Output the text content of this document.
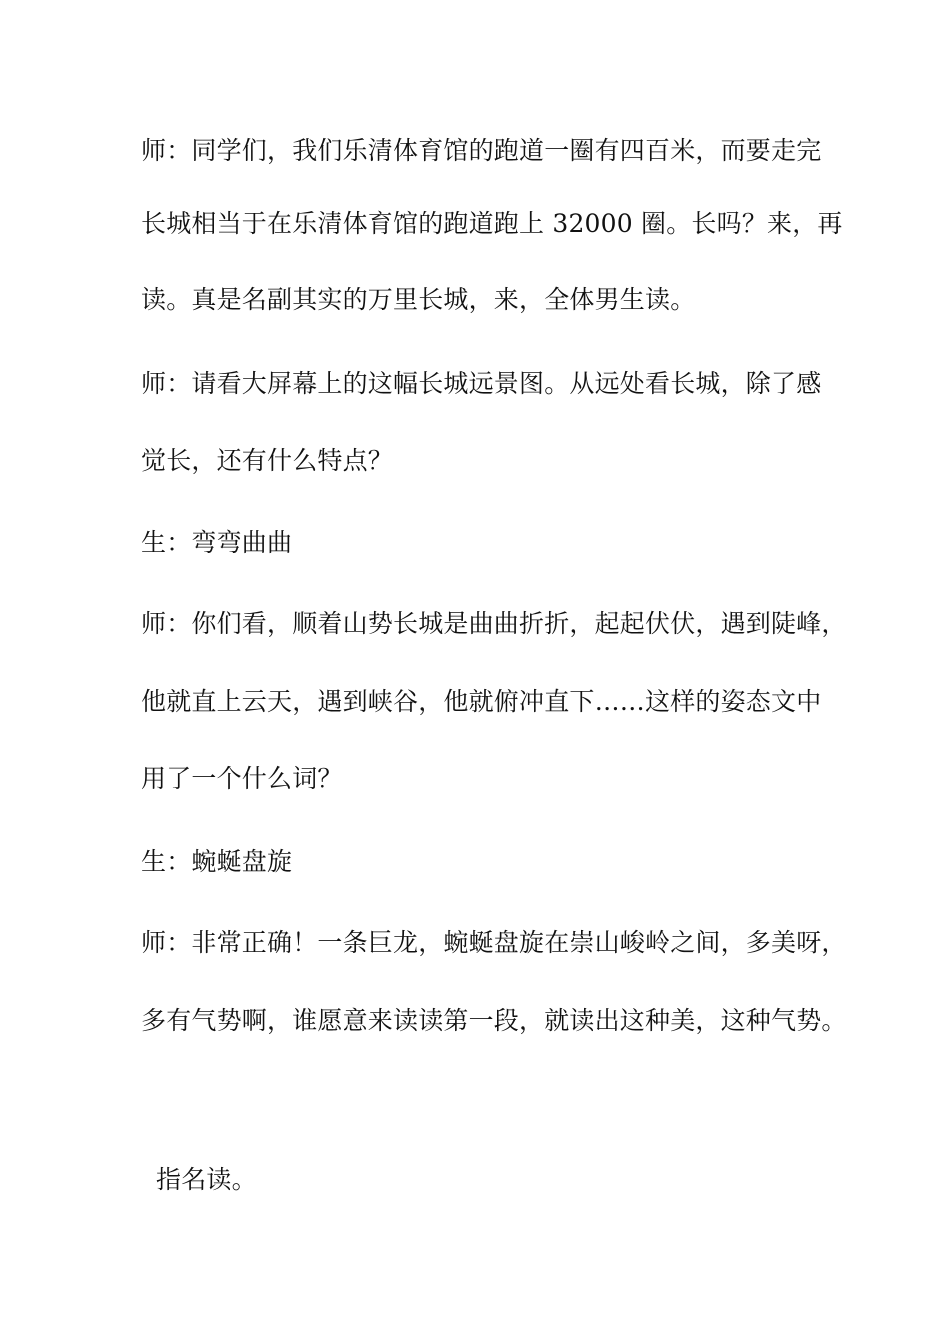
师：同学们，我们乐清体育馆的跑道一圈有四百米，而要走完
长城相当于在乐清体育馆的跑道跑上 32000 圈。长吗？来，再
读。真是名副其实的万里长城，来，全体男生读。
师：请看大屏幕上的这幅长城远景图。从远处看长城，除了感
觉长，还有什么特点？
生：弯弯曲曲
师：你们看，顺着山势长城是曲曲折折，起起伏伏，遇到陡峰，
他就直上云天，遇到峡谷，他就俯冲直下……这样的姿态文中
用了一个什么词？
生：蜿蜒盘旋
师：非常正确！一条巨龙，蜿蜒盘旋在崇山峻岭之间，多美呀，
多有气势啊，谁愿意来读读第一段，就读出这种美，这种气势。
指名读。
